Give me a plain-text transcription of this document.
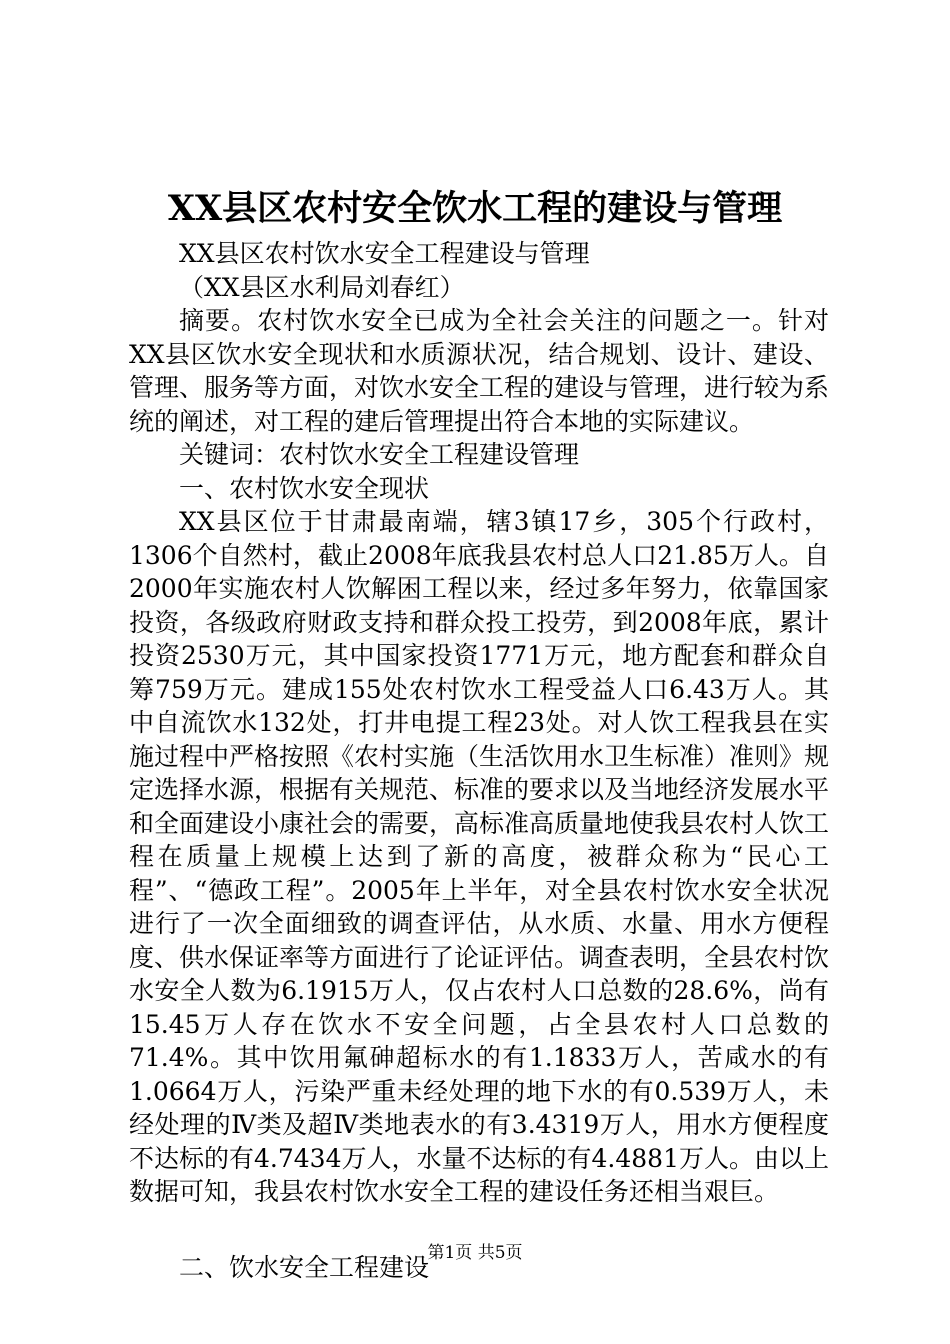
XX县区农村安全饮水工程的建设与管理

XX县区农村饮水安全工程建设与管理

（XX县区水利局刘春红）

摘要。农村饮水安全已成为全社会关注的问题之一。针对XX县区饮水安全现状和水质源状况，结合规划、设计、建设、管理、服务等方面，对饮水安全工程的建设与管理，进行较为系统的阐述，对工程的建后管理提出符合本地的实际建议。

关键词：农村饮水安全工程建设管理

一、农村饮水安全现状

XX县区位于甘肃最南端，辖3镇17乡，305个行政村，1306个自然村，截止2008年底我县农村总人口21.85万人。自2000年实施农村人饮解困工程以来，经过多年努力，依靠国家投资，各级政府财政支持和群众投工投劳，到2008年底，累计投资2530万元，其中国家投资1771万元，地方配套和群众自筹759万元。建成155处农村饮水工程受益人口6.43万人。其中自流饮水132处，打井电提工程23处。对人饮工程我县在实施过程中严格按照《农村实施（生活饮用水卫生标准）准则》规定选择水源，根据有关规范、标准的要求以及当地经济发展水平和全面建设小康社会的需要，高标准高质量地使我县农村人饮工程在质量上规模上达到了新的高度，被群众称为“民心工程”、“德政工程”。2005年上半年，对全县农村饮水安全状况进行了一次全面细致的调查评估，从水质、水量、用水方便程度、供水保证率等方面进行了论证评估。调查表明，全县农村饮水安全人数为6.1915万人，仅占农村人口总数的28.6%，尚有15.45万人存在饮水不安全问题，占全县农村人口总数的71.4%。其中饮用氟砷超标水的有1.1833万人，苦咸水的有1.0664万人，污染严重未经处理的地下水的有0.539万人，未经处理的Ⅳ类及超Ⅳ类地表水的有3.4319万人，用水方便程度不达标的有4.7434万人，水量不达标的有4.4881万人。由以上数据可知，我县农村饮水安全工程的建设任务还相当艰巨。

二、饮水安全工程建设

第1页 共5页
